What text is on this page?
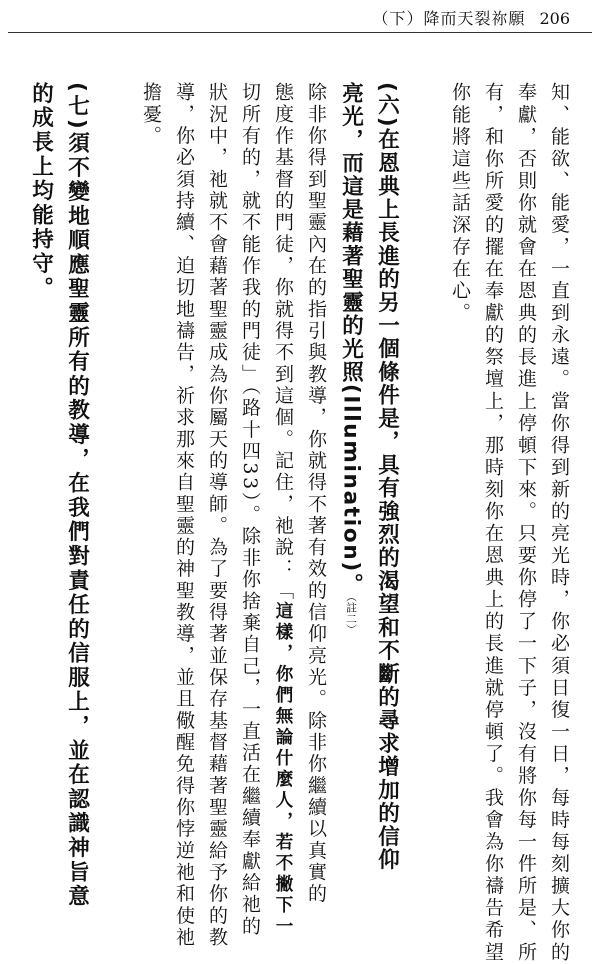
（下）降而天裂祢願 206
知、能欲、能愛，一直到永遠。當你得到新的亮光時，你必須日復一日，每時每刻擴大你的
奉獻，否則你就會在恩典的長進上停頓下來。只要你停了一下子，沒有將你每一件所是、所
有，和你所愛的擺在奉獻的祭壇上，那時刻你在恩典上的長進就停頓了。我會為你禱告希望
你能將這些話深存在心。
(六)在恩典上長進的另一個條件是，具有強烈的渴望和不斷的尋求增加的信仰
亮光，而這是藉著聖靈的光照(Illumination)。（註二）
除非你得到聖靈內在的指引與教導，你就得不著有效的信仰亮光。除非你繼續以真實的
態度作基督的門徒，你就得不到這個。記住，祂說：「這樣，你們無論什麼人，若不撇下一
切所有的，就不能作我的門徒」（路十四33）。除非你捨棄自己，一直活在繼續奉獻給祂的
狀況中，祂就不會藉著聖靈成為你屬天的導師。為了要得著並保存基督藉著聖靈給予你的教
導，你必須持續、迫切地禱告，祈求那來自聖靈的神聖教導，並且儆醒免得你悖逆祂和使祂
擔憂。
(七)須不變地順應聖靈所有的教導，在我們對責任的信服上，並在認識神旨意
的成長上均能持守。
